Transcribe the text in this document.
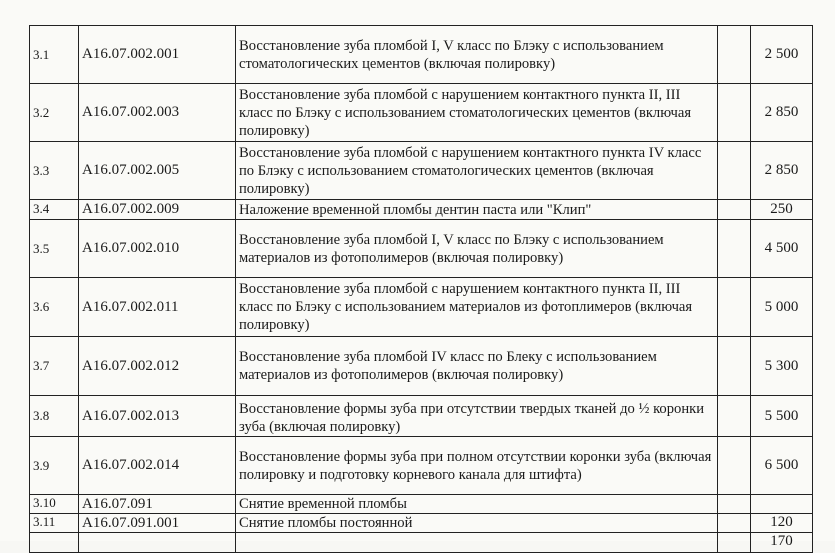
3.1	A16.07.002.001	Восстановление зуба пломбой I, V класс по Блэку с использованием стоматологических цементов (включая полировку)		2 500
3.2	A16.07.002.003	Восстановление зуба пломбой с нарушением контактного пункта II, III класс по Блэку с использованием стоматологических цементов (включая полировку)		2 850
3.3	A16.07.002.005	Восстановление зуба пломбой с нарушением контактного пункта IV класс по Блэку с использованием стоматологических цементов (включая полировку)		2 850
3.4	A16.07.002.009	Наложение временной пломбы дентин паста или "Клип"		250
3.5	A16.07.002.010	Восстановление зуба пломбой I, V класс по Блэку с использованием материалов из фотополимеров (включая полировку)		4 500
3.6	A16.07.002.011	Восстановление зуба пломбой с нарушением контактного пункта II, III класс по Блэку с использованием материалов из фотоплимеров (включая полировку)		5 000
3.7	A16.07.002.012	Восстановление зуба пломбой IV класс по Блеку с использованием материалов из фотополимеров (включая полировку)		5 300
3.8	A16.07.002.013	Восстановление формы зуба при отсутствии твердых тканей до ½ коронки зуба (включая полировку)		5 500
3.9	A16.07.002.014	Восстановление формы зуба при полном отсутствии коронки зуба (включая полировку и подготовку корневого канала для штифта)		6 500
3.10	A16.07.091	Снятие временной пломбы		
3.11	A16.07.091.001	Снятие пломбы постоянной		120
				170
